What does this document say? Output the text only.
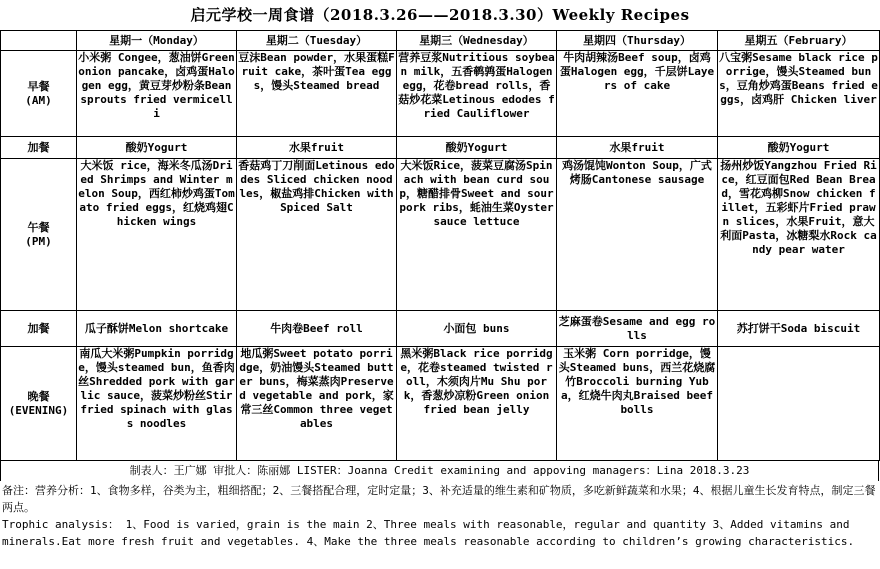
启元学校一周食谱（2018.3.26——2018.3.30）Weekly Recipes
	星期一（Monday）	星期二（Tuesday）	星期三（Wednesday）	星期四（Thursday）	星期五（February）
早餐
(AM)	小米粥 Congee，葱油饼Green onion pancake，卤鸡蛋Halogen egg，黄豆芽炒粉条Bean sprouts fried vermicelli	豆沫Bean powder，水果蛋糕Fruit cake，茶叶蛋Tea eggs，馒头Steamed bread	营养豆浆Nutritious soybean milk，五香鹌鹑蛋Halogen egg，花卷bread rolls，香菇炒花菜Letinous edodes fried Cauliflower	牛肉胡辣汤Beef soup，卤鸡蛋Halogen egg，千层饼Layers of cake	八宝粥Sesame black rice porrige，馒头Steamed buns，豆角炒鸡蛋Beans fried eggs，卤鸡肝 Chicken liver
加餐	酸奶Yogurt	水果fruit	酸奶Yogurt	水果fruit	酸奶Yogurt
午餐
(PM)	大米饭 rice，海米冬瓜汤Dried Shrimps and Winter melon Soup，西红柿炒鸡蛋Tomato fried eggs，红烧鸡翅Chicken wings	香菇鸡丁刀削面Letinous edodes Sliced chicken noodles，椒盐鸡排Chicken with Spiced Salt	大米饭Rice，菠菜豆腐汤Spinach with bean curd soup，糖醋排骨Sweet and sour pork ribs，蚝油生菜Oyster sauce lettuce	鸡汤馄饨Wonton Soup，广式烤肠Cantonese sausage	扬州炒饭Yangzhou Fried Rice，红豆面包Red Bean Bread，雪花鸡柳Snow chicken fillet，五彩虾片Fried prawn slices，水果Fruit，意大利面Pasta，冰糖梨水Rock candy pear water
加餐	瓜子酥饼Melon shortcake	牛肉卷Beef roll	小面包 buns	芝麻蛋卷Sesame and egg rolls	苏打饼干Soda biscuit
晚餐
(EVENING)	南瓜大米粥Pumpkin porridge，馒头steamed bun，鱼香肉丝Shredded pork with garlic sauce，菠菜炒粉丝Stirfried spinach with glass noodles	地瓜粥Sweet potato porridge，奶油馒头Steamed butter buns，梅菜蒸肉Preserved vegetable and pork，家常三丝Common three vegetables	黑米粥Black rice porridge，花卷steamed twisted roll，木须肉片Mu Shu pork，香葱炒凉粉Green onion fried bean jelly	玉米粥 Corn porridge，馒头Steamed buns，西兰花烧腐竹Broccoli burning Yuba，红烧牛肉丸Braised beef bolls	
制表人：王广娜 审批人：陈丽娜 LISTER：Joanna Credit examining and appoving managers：Lina 2018.3.23

备注：营养分析：1、食物多样，谷类为主，粗细搭配；2、三餐搭配合理，定时定量；3、补充适量的维生素和矿物质，多吃新鲜蔬菜和水果；4、根据儿童生长发育特点，制定三餐两点。

Trophic analysis： 1、Food is varied，grain is the main 2、Three meals with reasonable，regular and quantity 3、Added vitamins and minerals.Eat more fresh fruit and vegetables. 4、Make the three meals reasonable according to children’s growing characteristics.
